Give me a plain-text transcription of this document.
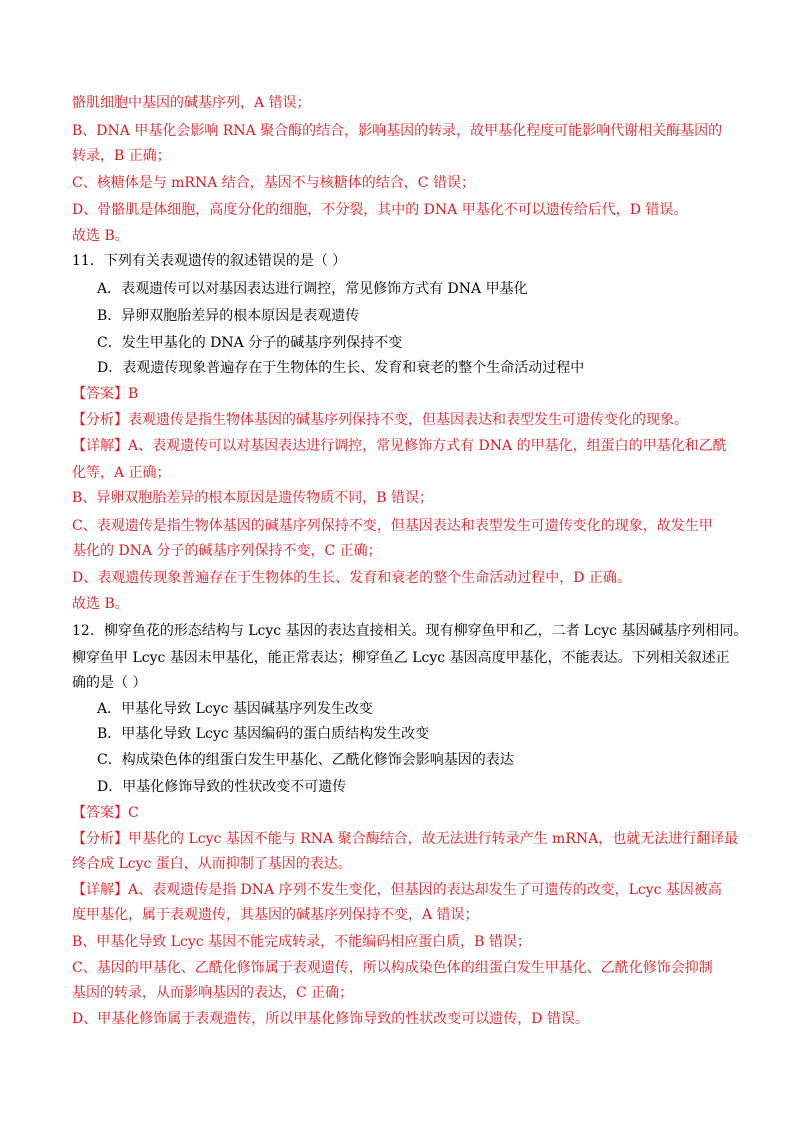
骼肌细胞中基因的碱基序列，A 错误；
B、DNA 甲基化会影响 RNA 聚合酶的结合，影响基因的转录，故甲基化程度可能影响代谢相关酶基因的
转录，B 正确；
C、核糖体是与 mRNA 结合，基因不与核糖体的结合，C 错误；
D、骨骼肌是体细胞，高度分化的细胞，不分裂，其中的 DNA 甲基化不可以遗传给后代，D 错误。
故选 B。
11．下列有关表观遗传的叙述错误的是（ ）
A．表观遗传可以对基因表达进行调控，常见修饰方式有 DNA 甲基化
B．异卵双胞胎差异的根本原因是表观遗传
C．发生甲基化的 DNA 分子的碱基序列保持不变
D．表观遗传现象普遍存在于生物体的生长、发育和衰老的整个生命活动过程中
【答案】B
【分析】表观遗传是指生物体基因的碱基序列保持不变，但基因表达和表型发生可遗传变化的现象。
【详解】A、表观遗传可以对基因表达进行调控，常见修饰方式有 DNA 的甲基化，组蛋白的甲基化和乙酰
化等，A 正确；
B、异卵双胞胎差异的根本原因是遗传物质不同，B 错误；
C、表观遗传是指生物体基因的碱基序列保持不变，但基因表达和表型发生可遗传变化的现象，故发生甲
基化的 DNA 分子的碱基序列保持不变，C 正确；
D、表观遗传现象普遍存在于生物体的生长、发育和衰老的整个生命活动过程中，D 正确。
故选 B。
12．柳穿鱼花的形态结构与 Lcyc 基因的表达直接相关。现有柳穿鱼甲和乙，二者 Lcyc 基因碱基序列相同。
柳穿鱼甲 Lcyc 基因未甲基化，能正常表达；柳穿鱼乙 Lcyc 基因高度甲基化，不能表达。下列相关叙述正
确的是（ ）
A．甲基化导致 Lcyc 基因碱基序列发生改变
B．甲基化导致 Lcyc 基因编码的蛋白质结构发生改变
C．构成染色体的组蛋白发生甲基化、乙酰化修饰会影响基因的表达
D．甲基化修饰导致的性状改变不可遗传
【答案】C
【分析】甲基化的 Lcyc 基因不能与 RNA 聚合酶结合，故无法进行转录产生 mRNA，也就无法进行翻译最
终合成 Lcyc 蛋白，从而抑制了基因的表达。
【详解】A、表观遗传是指 DNA 序列不发生变化，但基因的表达却发生了可遗传的改变，Lcyc 基因被高
度甲基化，属于表观遗传，其基因的碱基序列保持不变，A 错误；
B、甲基化导致 Lcyc 基因不能完成转录，不能编码相应蛋白质，B 错误；
C、基因的甲基化、乙酰化修饰属于表观遗传，所以构成染色体的组蛋白发生甲基化、乙酰化修饰会抑制
基因的转录，从而影响基因的表达，C 正确；
D、甲基化修饰属于表观遗传，所以甲基化修饰导致的性状改变可以遗传，D 错误。
